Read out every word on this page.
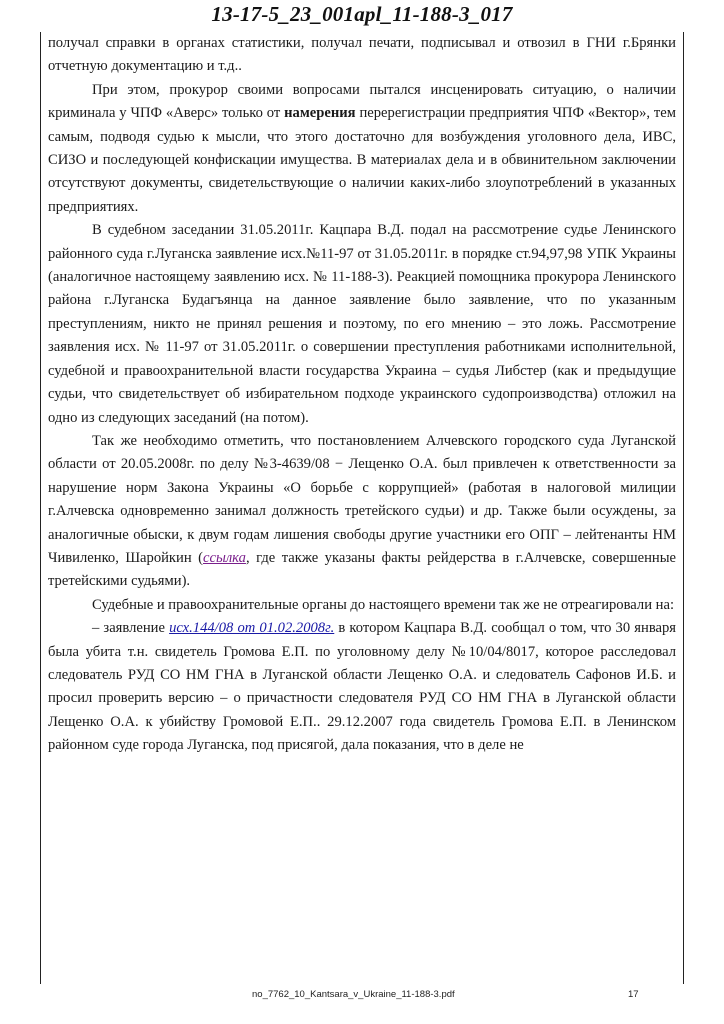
13-17-5_23_001apl_11-188-3_017

получал справки в органах статистики, получал печати, подписывал и отвозил в ГНИ г.Брянки отчетную документацию и т.д..

При этом, прокурор своими вопросами пытался инсценировать ситуацию, о наличии криминала у ЧПФ «Аверс» только от намерения перерегистрации предприятия ЧПФ «Вектор», тем самым, подводя судью к мысли, что этого достаточно для возбуждения уголовного дела, ИВС, СИЗО и последующей конфискации имущества. В материалах дела и в обвинительном заключении отсутствуют документы, свидетельствующие о наличии каких-либо злоупотреблений в указанных предприятиях.

В судебном заседании 31.05.2011г. Кацпара В.Д. подал на рассмотрение судье Ленинского районного суда г.Луганска заявление исх.№11-97 от 31.05.2011г. в порядке ст.94,97,98 УПК Украины (аналогичное настоящему заявлению исх. № 11-188-3). Реакцией помощника прокурора Ленинского района г.Луганска Будагъянца на данное заявление было заявление, что по указанным преступлениям, никто не принял решения и поэтому, по его мнению – это ложь. Рассмотрение заявления исх. № 11-97 от 31.05.2011г. о совершении преступления работниками исполнительной, судебной и правоохранительной власти государства Украина – судья Либстер (как и предыдущие судьи, что свидетельствует об избирательном подходе украинского судопроизводства) отложил на одно из следующих заседаний (на потом).

Так же необходимо отметить, что постановлением Алчевского городского суда Луганской области от 20.05.2008г. по делу №3-4639/08 − Лещенко О.А. был привлечен к ответственности за нарушение норм Закона Украины «О борьбе с коррупцией» (работая в налоговой милиции г.Алчевска одновременно занимал должность третейского судьи) и др. Также были осуждены, за аналогичные обыски, к двум годам лишения свободы другие участники его ОПГ – лейтенанты НМ Чивиленко, Шаройкин (ссылка, где также указаны факты рейдерства в г.Алчевске, совершенные третейскими судьями).

Судебные и правоохранительные органы до настоящего времени так же не отреагировали на:

– заявление исх.144/08 от 01.02.2008г. в котором Кацпара В.Д. сообщал о том, что 30 января была убита т.н. свидетель Громова Е.П. по уголовному делу №10/04/8017, которое расследовал следователь РУД СО НМ ГНА в Луганской области Лещенко О.А. и следователь Сафонов И.Б. и просил проверить версию – о причастности следователя РУД СО НМ ГНА в Луганской области Лещенко О.А. к убийству Громовой Е.П.. 29.12.2007 года свидетель Громова Е.П. в Ленинском районном суде города Луганска, под присягой, дала показания, что в деле не

no_7762_10_Kantsara_v_Ukraine_11-188-3.pdf	17
